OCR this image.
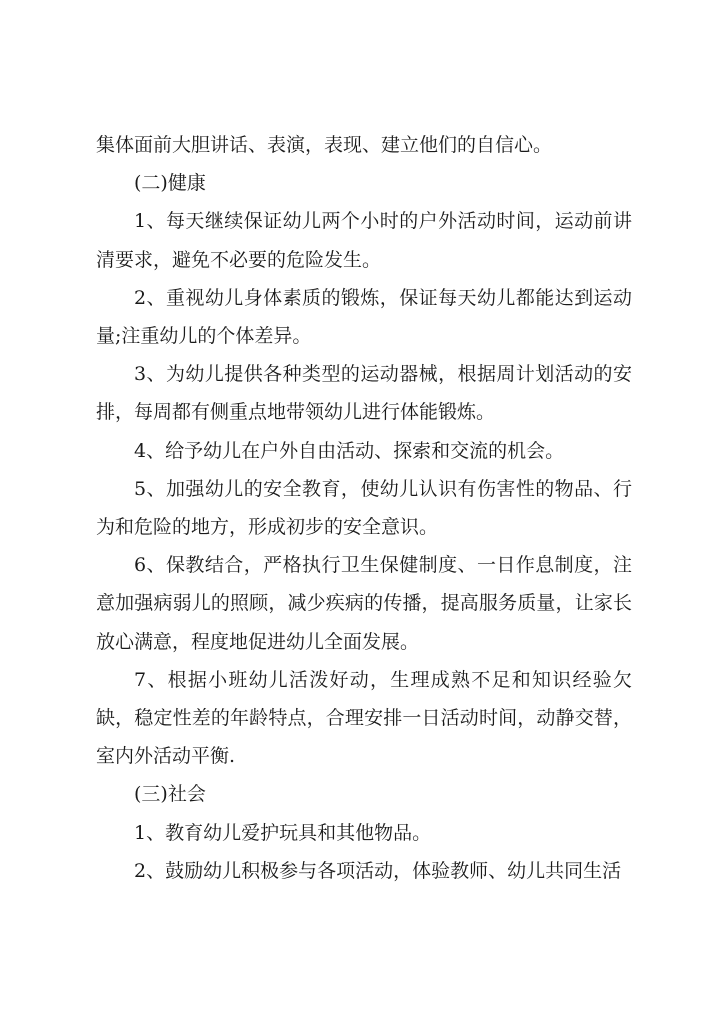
集体面前大胆讲话、表演，表现、建立他们的自信心。

(二)健康

1、每天继续保证幼儿两个小时的户外活动时间，运动前讲清要求，避免不必要的危险发生。

2、重视幼儿身体素质的锻炼，保证每天幼儿都能达到运动量;注重幼儿的个体差异。

3、为幼儿提供各种类型的运动器械，根据周计划活动的安排，每周都有侧重点地带领幼儿进行体能锻炼。

4、给予幼儿在户外自由活动、探索和交流的机会。

5、加强幼儿的安全教育，使幼儿认识有伤害性的物品、行为和危险的地方，形成初步的安全意识。

6、保教结合，严格执行卫生保健制度、一日作息制度，注意加强病弱儿的照顾，减少疾病的传播，提高服务质量，让家长放心满意，程度地促进幼儿全面发展。

7、根据小班幼儿活泼好动，生理成熟不足和知识经验欠缺，稳定性差的年龄特点，合理安排一日活动时间，动静交替，室内外活动平衡.

(三)社会

1、教育幼儿爱护玩具和其他物品。

2、鼓励幼儿积极参与各项活动，体验教师、幼儿共同生活
